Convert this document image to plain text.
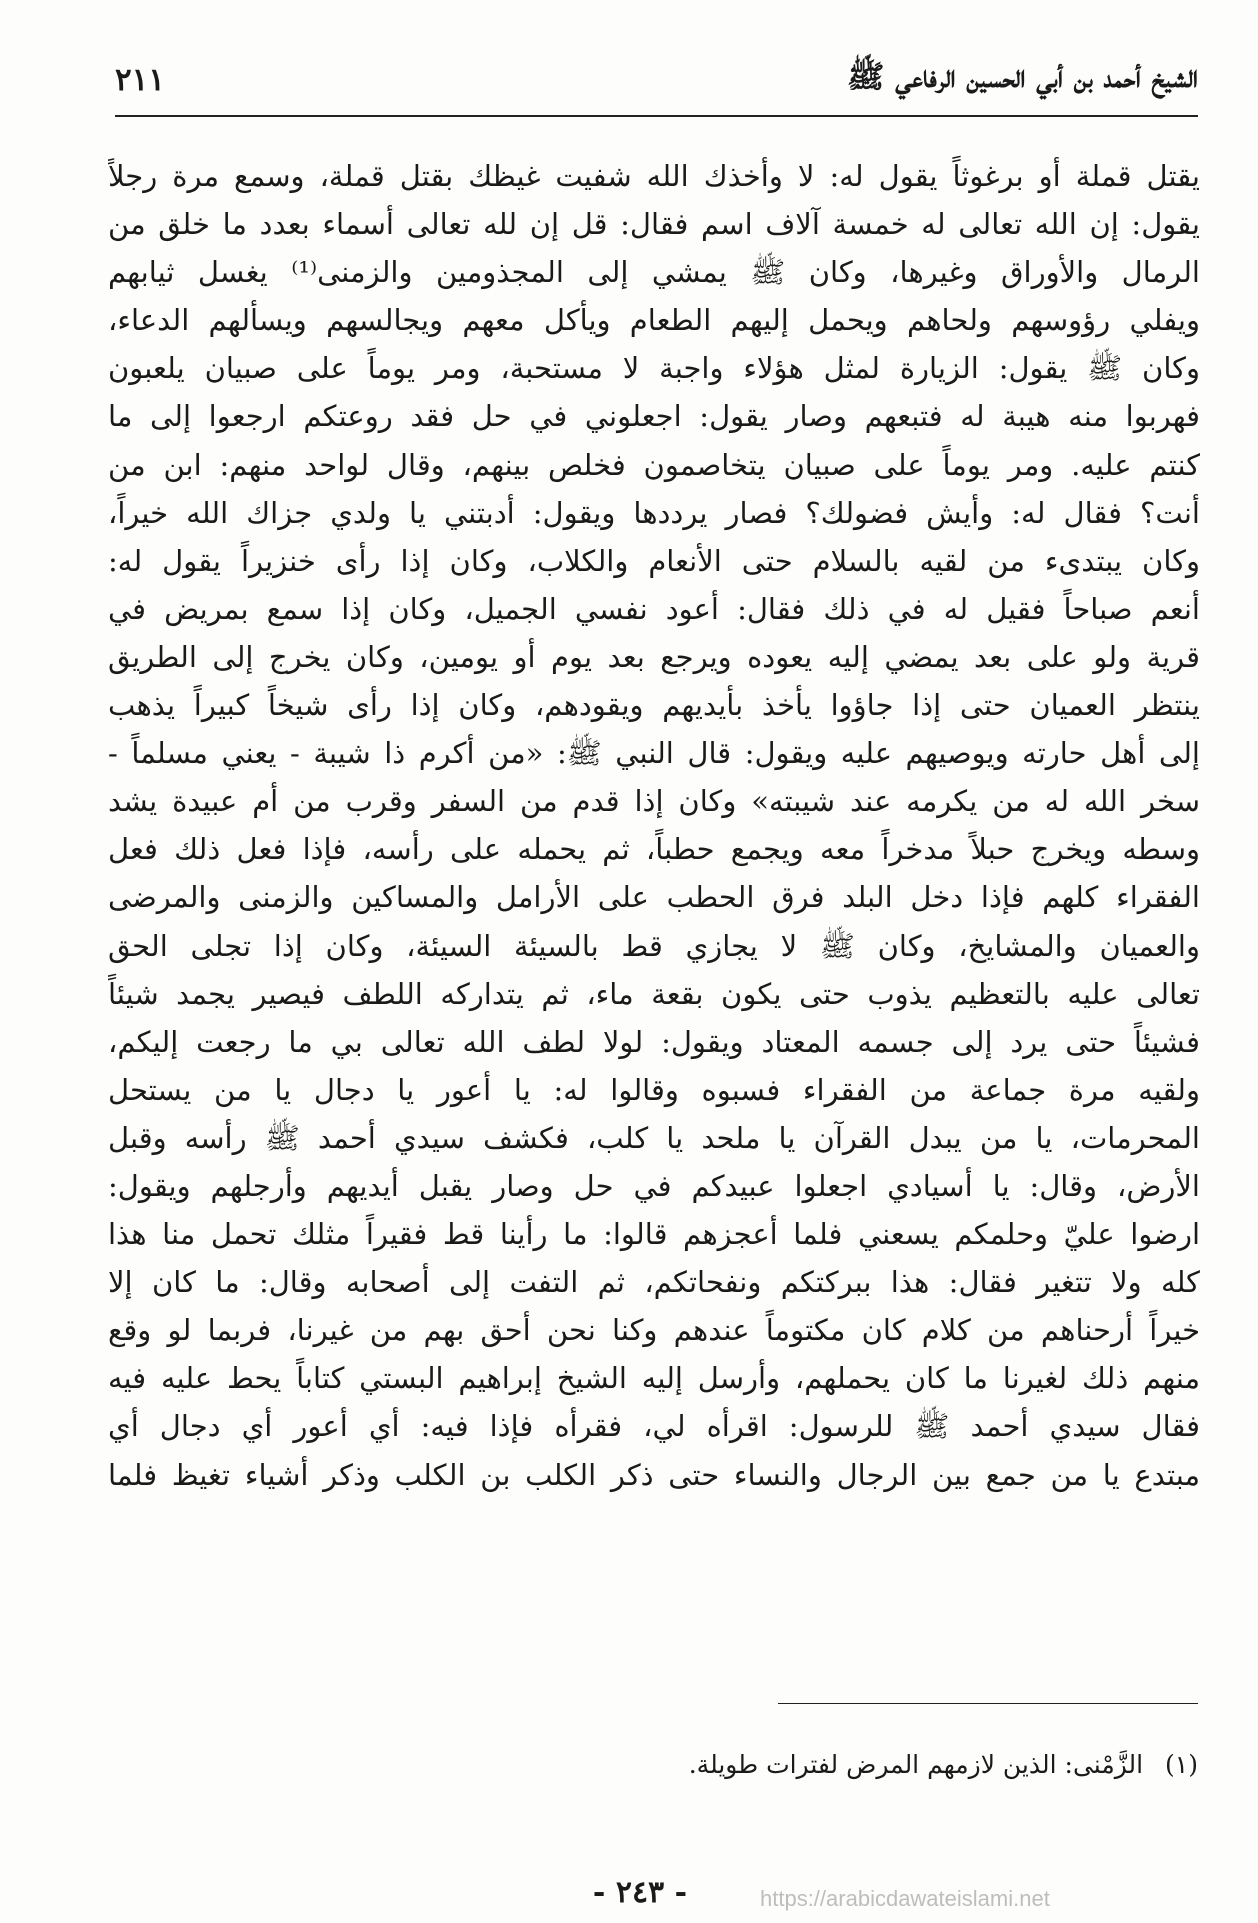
الشيخ أحمد بن أبي الحسين الرفاعي ﷺ
٢١١
يقتل قملة أو برغوثاً يقول له: لا وأخذك الله شفيت غيظك بقتل قملة، وسمع مرة رجلاً
يقول: إن الله تعالى له خمسة آلاف اسم فقال: قل إن لله تعالى أسماء بعدد ما خلق من
الرمال والأوراق وغيرها، وكان ﷺ يمشي إلى المجذومين والزمنى⁽¹⁾ يغسل ثيابهم
ويفلي رؤوسهم ولحاهم ويحمل إليهم الطعام ويأكل معهم ويجالسهم ويسألهم الدعاء،
وكان ﷺ يقول: الزيارة لمثل هؤلاء واجبة لا مستحبة، ومر يوماً على صبيان يلعبون
فهربوا منه هيبة له فتبعهم وصار يقول: اجعلوني في حل فقد روعتكم ارجعوا إلى ما
كنتم عليه. ومر يوماً على صبيان يتخاصمون فخلص بينهم، وقال لواحد منهم: ابن من
أنت؟ فقال له: وأيش فضولك؟ فصار يرددها ويقول: أدبتني يا ولدي جزاك الله خيراً،
وكان يبتدىء من لقيه بالسلام حتى الأنعام والكلاب، وكان إذا رأى خنزيراً يقول له:
أنعم صباحاً فقيل له في ذلك فقال: أعود نفسي الجميل، وكان إذا سمع بمريض في
قرية ولو على بعد يمضي إليه يعوده ويرجع بعد يوم أو يومين، وكان يخرج إلى الطريق
ينتظر العميان حتى إذا جاؤوا يأخذ بأيديهم ويقودهم، وكان إذا رأى شيخاً كبيراً يذهب
إلى أهل حارته ويوصيهم عليه ويقول: قال النبي ﷺ: «من أكرم ذا شيبة - يعني مسلماً -
سخر الله له من يكرمه عند شيبته» وكان إذا قدم من السفر وقرب من أم عبيدة يشد
وسطه ويخرج حبلاً مدخراً معه ويجمع حطباً، ثم يحمله على رأسه، فإذا فعل ذلك فعل
الفقراء كلهم فإذا دخل البلد فرق الحطب على الأرامل والمساكين والزمنى والمرضى
والعميان والمشايخ، وكان ﷺ لا يجازي قط بالسيئة السيئة، وكان إذا تجلى الحق
تعالى عليه بالتعظيم يذوب حتى يكون بقعة ماء، ثم يتداركه اللطف فيصير يجمد شيئاً
فشيئاً حتى يرد إلى جسمه المعتاد ويقول: لولا لطف الله تعالى بي ما رجعت إليكم،
ولقيه مرة جماعة من الفقراء فسبوه وقالوا له: يا أعور يا دجال يا من يستحل
المحرمات، يا من يبدل القرآن يا ملحد يا كلب، فكشف سيدي أحمد ﷺ رأسه وقبل
الأرض، وقال: يا أسيادي اجعلوا عبيدكم في حل وصار يقبل أيديهم وأرجلهم ويقول:
ارضوا عليّ وحلمكم يسعني فلما أعجزهم قالوا: ما رأينا قط فقيراً مثلك تحمل منا هذا
كله ولا تتغير فقال: هذا ببركتكم ونفحاتكم، ثم التفت إلى أصحابه وقال: ما كان إلا
خيراً أرحناهم من كلام كان مكتوماً عندهم وكنا نحن أحق بهم من غيرنا، فربما لو وقع
منهم ذلك لغيرنا ما كان يحملهم، وأرسل إليه الشيخ إبراهيم البستي كتاباً يحط عليه فيه
فقال سيدي أحمد ﷺ للرسول: اقرأه لي، فقرأه فإذا فيه: أي أعور أي دجال أي
مبتدع يا من جمع بين الرجال والنساء حتى ذكر الكلب بن الكلب وذكر أشياء تغيظ فلما
(١) الزَّمْنى: الذين لازمهم المرض لفترات طويلة.
- ٢٤٣ -	https://arabicdawateislami.net
